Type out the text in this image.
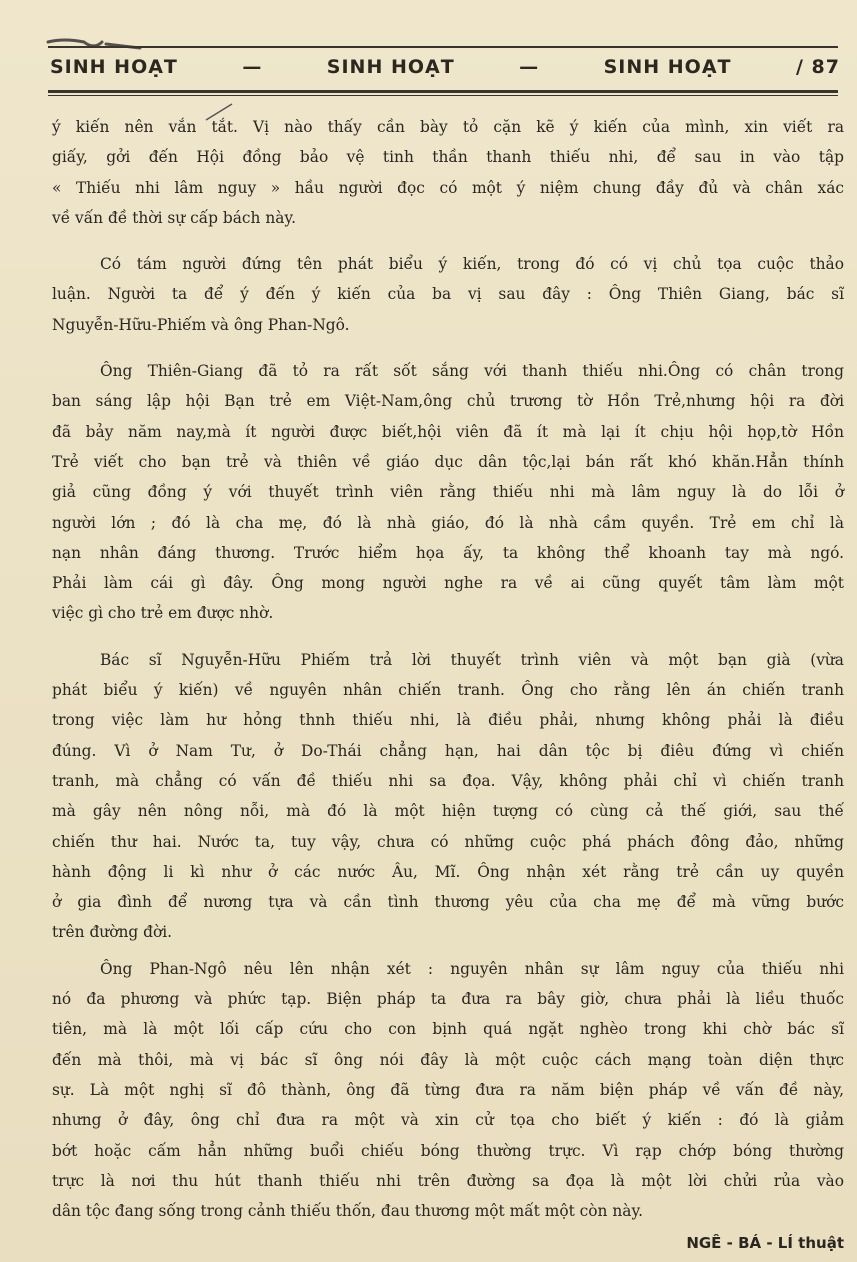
SINH HOẠT	—	SINH HOẠT	—	SINH HOẠT	/ 87

ý kiến nên vắn tắt. Vị nào thấy cần bày tỏ cặn kẽ ý kiến của mình, xin viết ra

giấy, gởi đến Hội đồng bảo vệ tinh thần thanh thiếu nhi, để sau in vào tập

« Thiếu nhi lâm nguy » hầu người đọc có một ý niệm chung đầy đủ và chân xác

về vấn đề thời sự cấp bách này.

Có tám người đứng tên phát biểu ý kiến, trong đó có vị chủ tọa cuộc thảo

luận. Người ta để ý đến ý kiến của ba vị sau đây : Ông Thiên Giang, bác sĩ

Nguyễn-Hữu-Phiếm và ông Phan-Ngô.

Ông Thiên-Giang đã tỏ ra rất sốt sắng với thanh thiếu nhi.Ông có chân trong

ban sáng lập hội Bạn trẻ em Việt-Nam,ông chủ trương tờ Hồn Trẻ,nhưng hội ra đời

đã bảy năm nay,mà ít người được biết,hội viên đã ít mà lại ít chịu hội họp,tờ Hồn

Trẻ viết cho bạn trẻ và thiên về giáo dục dân tộc,lại bán rất khó khăn.Hẳn thính

giả cũng đồng ý với thuyết trình viên rằng thiếu nhi mà lâm nguy là do lỗi ở

người lớn ; đó là cha mẹ, đó là nhà giáo, đó là nhà cầm quyền. Trẻ em chỉ là

nạn nhân đáng thương. Trước hiểm họa ấy, ta không thể khoanh tay mà ngó.

Phải làm cái gì đây. Ông mong người nghe ra về ai cũng quyết tâm làm một

việc gì cho trẻ em được nhờ.

Bác sĩ Nguyễn-Hữu Phiếm trả lời thuyết trình viên và một bạn già (vừa

phát biểu ý kiến) về nguyên nhân chiến tranh. Ông cho rằng lên án chiến tranh

trong việc làm hư hỏng thnh thiếu nhi, là điều phải, nhưng không phải là điều

đúng. Vì ở Nam Tư, ở Do-Thái chẳng hạn, hai dân tộc bị điêu đứng vì chiến

tranh, mà chẳng có vấn đề thiếu nhi sa đọa. Vậy, không phải chỉ vì chiến tranh

mà gây nên nông nỗi, mà đó là một hiện tượng có cùng cả thế giới, sau thế

chiến thư hai. Nước ta, tuy vậy, chưa có những cuộc phá phách đông đảo, những

hành động li kì như ở các nước Âu, Mĩ. Ông nhận xét rằng trẻ cần uy quyền

ở gia đình để nương tựa và cần tình thương yêu của cha mẹ để mà vững bước

trên đường đời.

Ông Phan-Ngô nêu lên nhận xét : nguyên nhân sự lâm nguy của thiếu nhi

nó đa phương và phức tạp. Biện pháp ta đưa ra bây giờ, chưa phải là liều thuốc

tiên, mà là một lối cấp cứu cho con bịnh quá ngặt nghèo trong khi chờ bác sĩ

đến mà thôi, mà vị bác sĩ ông nói đây là một cuộc cách mạng toàn diện thực

sự. Là một nghị sĩ đô thành, ông đã từng đưa ra năm biện pháp về vấn đề này,

nhưng ở đây, ông chỉ đưa ra một và xin cử tọa cho biết ý kiến : đó là giảm

bớt hoặc cấm hẳn những buổi chiếu bóng thường trực. Vì rạp chớp bóng thường

trực là nơi thu hút thanh thiếu nhi trên đường sa đọa là một lời chửi rủa vào

dân tộc đang sống trong cảnh thiếu thốn, đau thương một mất một còn này.

NGÊ - BÁ - LÍ thuật
